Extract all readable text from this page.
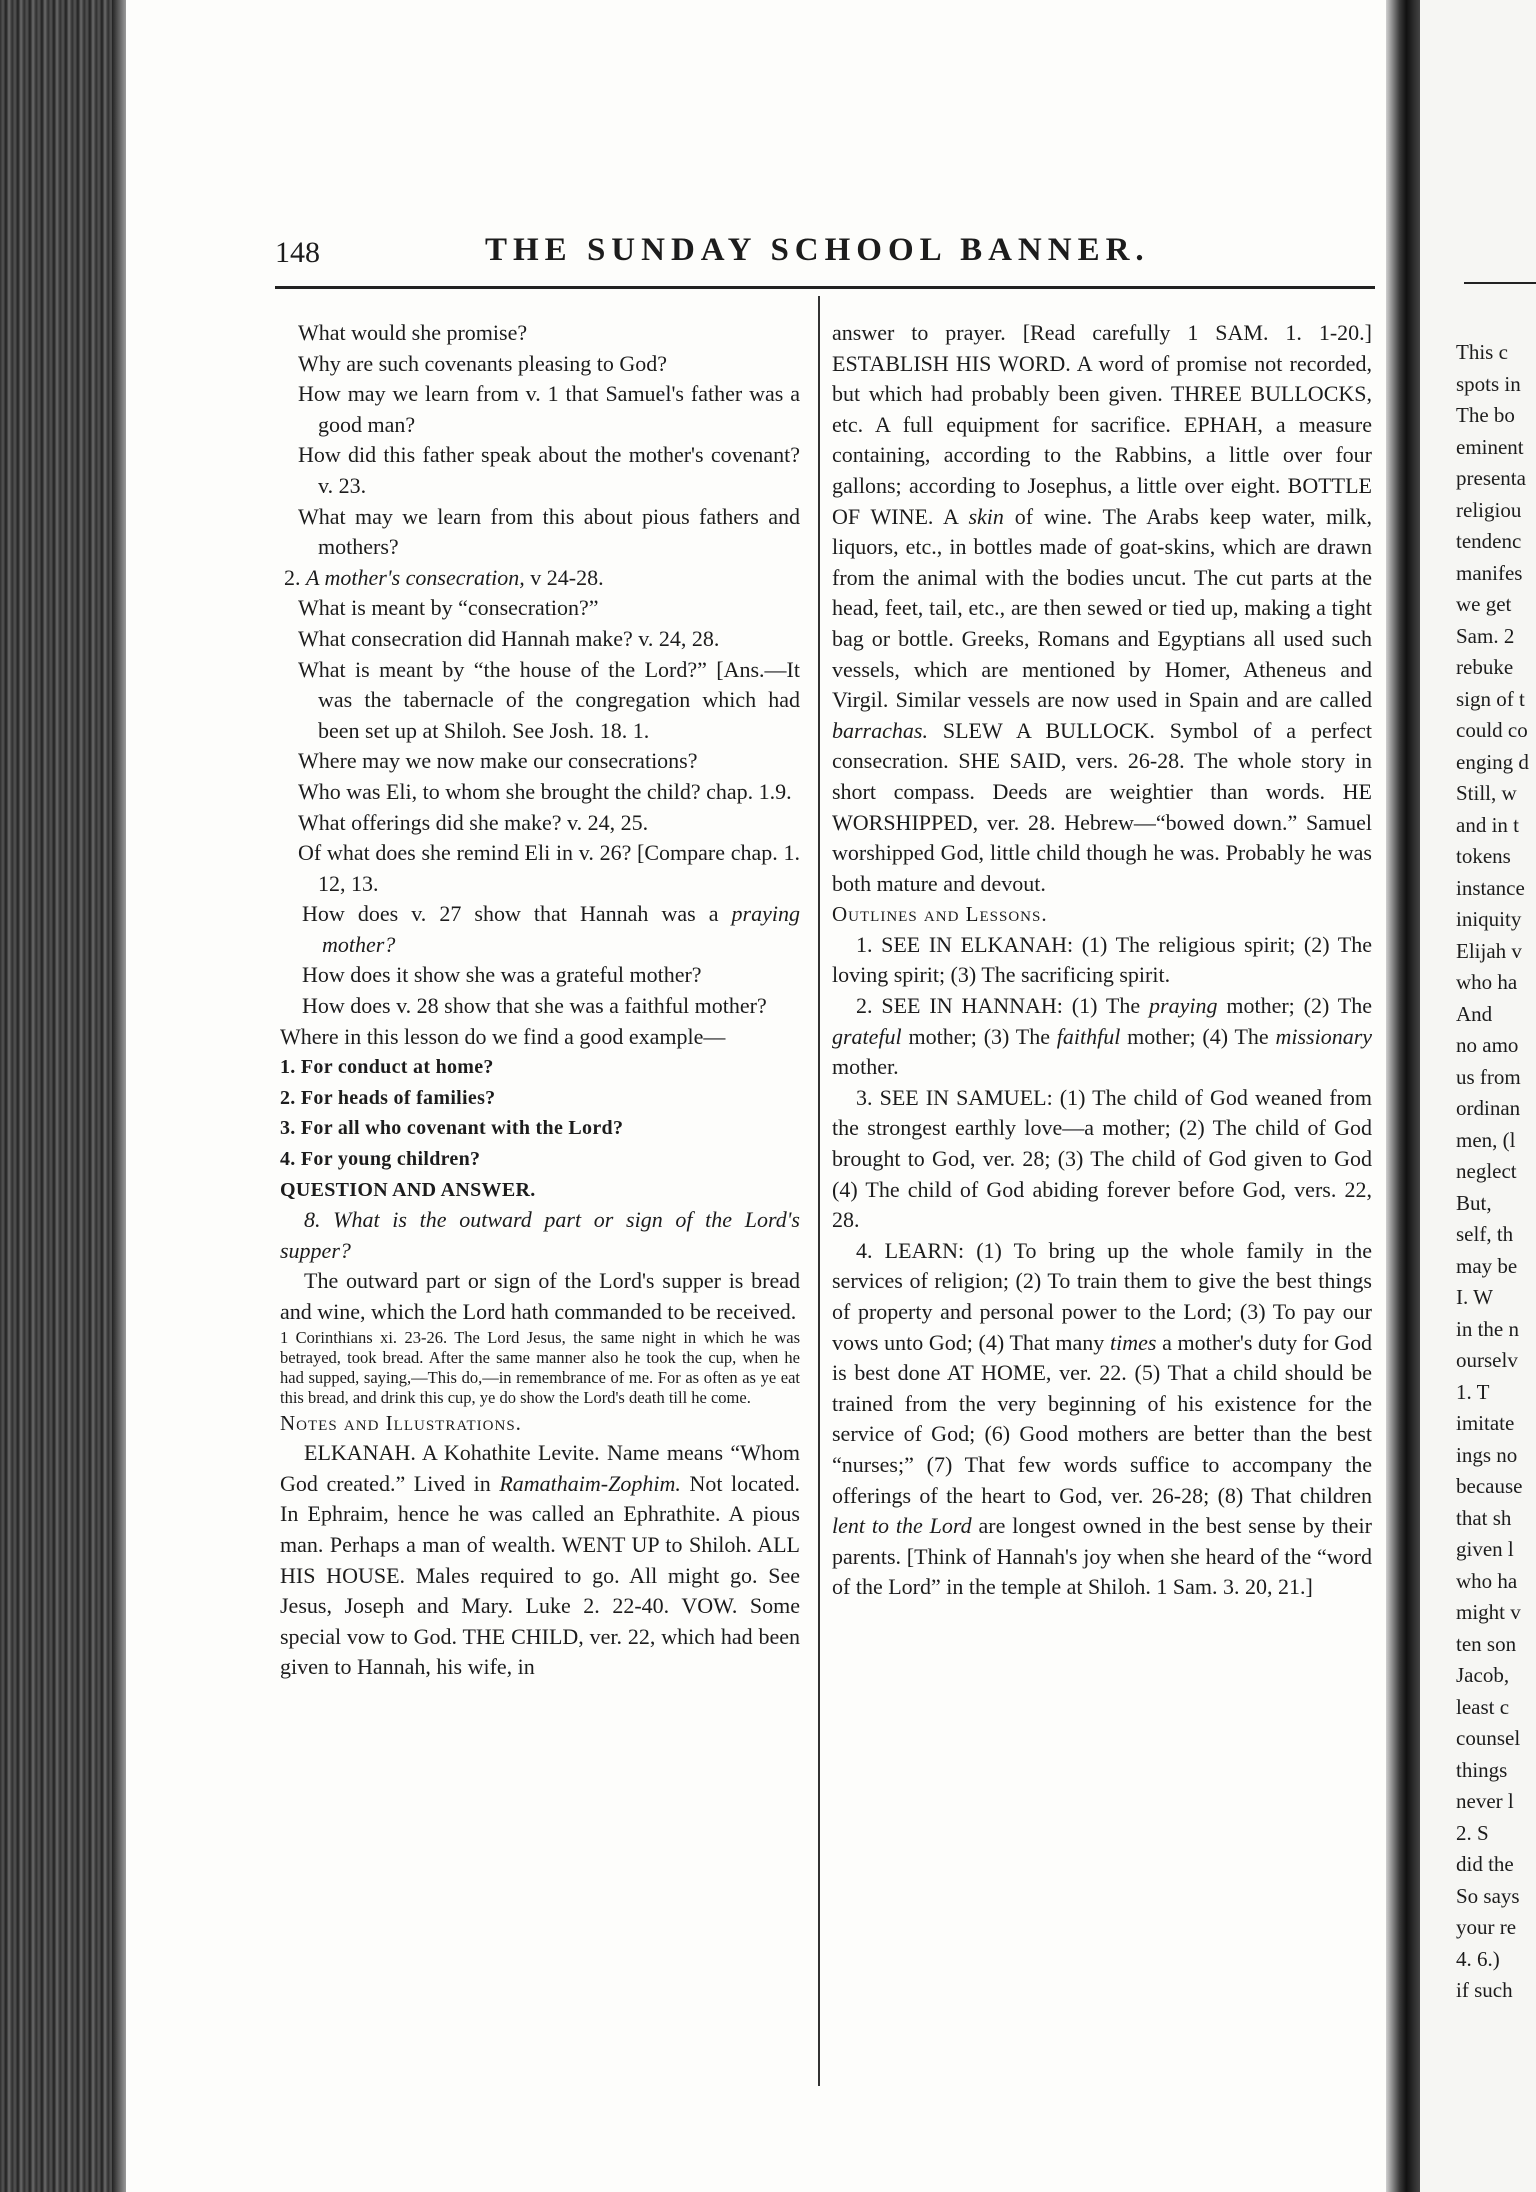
148	THE SUNDAY SCHOOL BANNER.

What would she promise?

Why are such covenants pleasing to God?

How may we learn from v. 1 that Samuel's father was a good man?

How did this father speak about the mother's covenant? v. 23.

What may we learn from this about pious fathers and mothers?

2. A mother's consecration, v 24-28.

What is meant by “consecration?”

What consecration did Hannah make? v. 24, 28.

What is meant by “the house of the Lord?” [Ans.—It was the tabernacle of the congregation which had been set up at Shiloh. See Josh. 18. 1.

Where may we now make our consecrations?

Who was Eli, to whom she brought the child? chap. 1.9.

What offerings did she make? v. 24, 25.

Of what does she remind Eli in v. 26? [Compare chap. 1. 12, 13.

How does v. 27 show that Hannah was a praying mother?

How does it show she was a grateful mother?

How does v. 28 show that she was a faithful mother?

Where in this lesson do we find a good example—

1. For conduct at home?

2. For heads of families?

3. For all who covenant with the Lord?

4. For young children?

QUESTION AND ANSWER.

8. What is the outward part or sign of the Lord's supper?

The outward part or sign of the Lord's supper is bread and wine, which the Lord hath commanded to be received.

1 Corinthians xi. 23-26. The Lord Jesus, the same night in which he was betrayed, took bread. After the same manner also he took the cup, when he had supped, saying,—This do,—in remembrance of me. For as often as ye eat this bread, and drink this cup, ye do show the Lord's death till he come.

Notes and Illustrations.

ELKANAH. A Kohathite Levite. Name means “Whom God created.” Lived in Ramathaim-Zophim. Not located. In Ephraim, hence he was called an Ephrathite. A pious man. Perhaps a man of wealth. WENT UP to Shiloh. ALL HIS HOUSE. Males required to go. All might go. See Jesus, Joseph and Mary. Luke 2. 22-40. VOW. Some special vow to God. THE CHILD, ver. 22, which had been given to Hannah, his wife, in

answer to prayer. [Read carefully 1 SAM. 1. 1-20.] ESTABLISH HIS WORD. A word of promise not recorded, but which had probably been given. THREE BULLOCKS, etc. A full equipment for sacrifice. EPHAH, a measure containing, according to the Rabbins, a little over four gallons; according to Josephus, a little over eight. BOTTLE OF WINE. A skin of wine. The Arabs keep water, milk, liquors, etc., in bottles made of goat-skins, which are drawn from the animal with the bodies uncut. The cut parts at the head, feet, tail, etc., are then sewed or tied up, making a tight bag or bottle. Greeks, Romans and Egyptians all used such vessels, which are mentioned by Homer, Atheneus and Virgil. Similar vessels are now used in Spain and are called barrachas. SLEW A BULLOCK. Symbol of a perfect consecration. SHE SAID, vers. 26-28. The whole story in short compass. Deeds are weightier than words. HE WORSHIPPED, ver. 28. Hebrew—“bowed down.” Samuel worshipped God, little child though he was. Probably he was both mature and devout.

Outlines and Lessons.

1. SEE IN ELKANAH: (1) The religious spirit; (2) The loving spirit; (3) The sacrificing spirit.

2. SEE IN HANNAH: (1) The praying mother; (2) The grateful mother; (3) The faithful mother; (4) The missionary mother.

3. SEE IN SAMUEL: (1) The child of God weaned from the strongest earthly love—a mother; (2) The child of God brought to God, ver. 28; (3) The child of God given to God (4) The child of God abiding forever before God, vers. 22, 28.

4. LEARN: (1) To bring up the whole family in the services of religion; (2) To train them to give the best things of property and personal power to the Lord; (3) To pay our vows unto God; (4) That many times a mother's duty for God is best done AT HOME, ver. 22. (5) That a child should be trained from the very beginning of his existence for the service of God; (6) Good mothers are better than the best “nurses;” (7) That few words suffice to accompany the offerings of the heart to God, ver. 26-28; (8) That children lent to the Lord are longest owned in the best sense by their parents. [Think of Hannah's joy when she heard of the “word of the Lord” in the temple at Shiloh. 1 Sam. 3. 20, 21.]

This c
spots in
The bo
eminent
presenta
religiou
tendenc
manifes
we get
Sam. 2
rebuke
sign of t
could co
enging d
Still, w
and in t
tokens
instance
iniquity
Elijah v
who ha
And
no amo
us from
ordinan
men, (l
neglect
But,
self, th
may be
I. W
in the n
ourselv
1. T
imitate
ings no
because
that sh
given l
who ha
might v
ten son
Jacob,
least c
counsel
things
never l
2. S
did the
So says
your re
4. 6.)
if such
